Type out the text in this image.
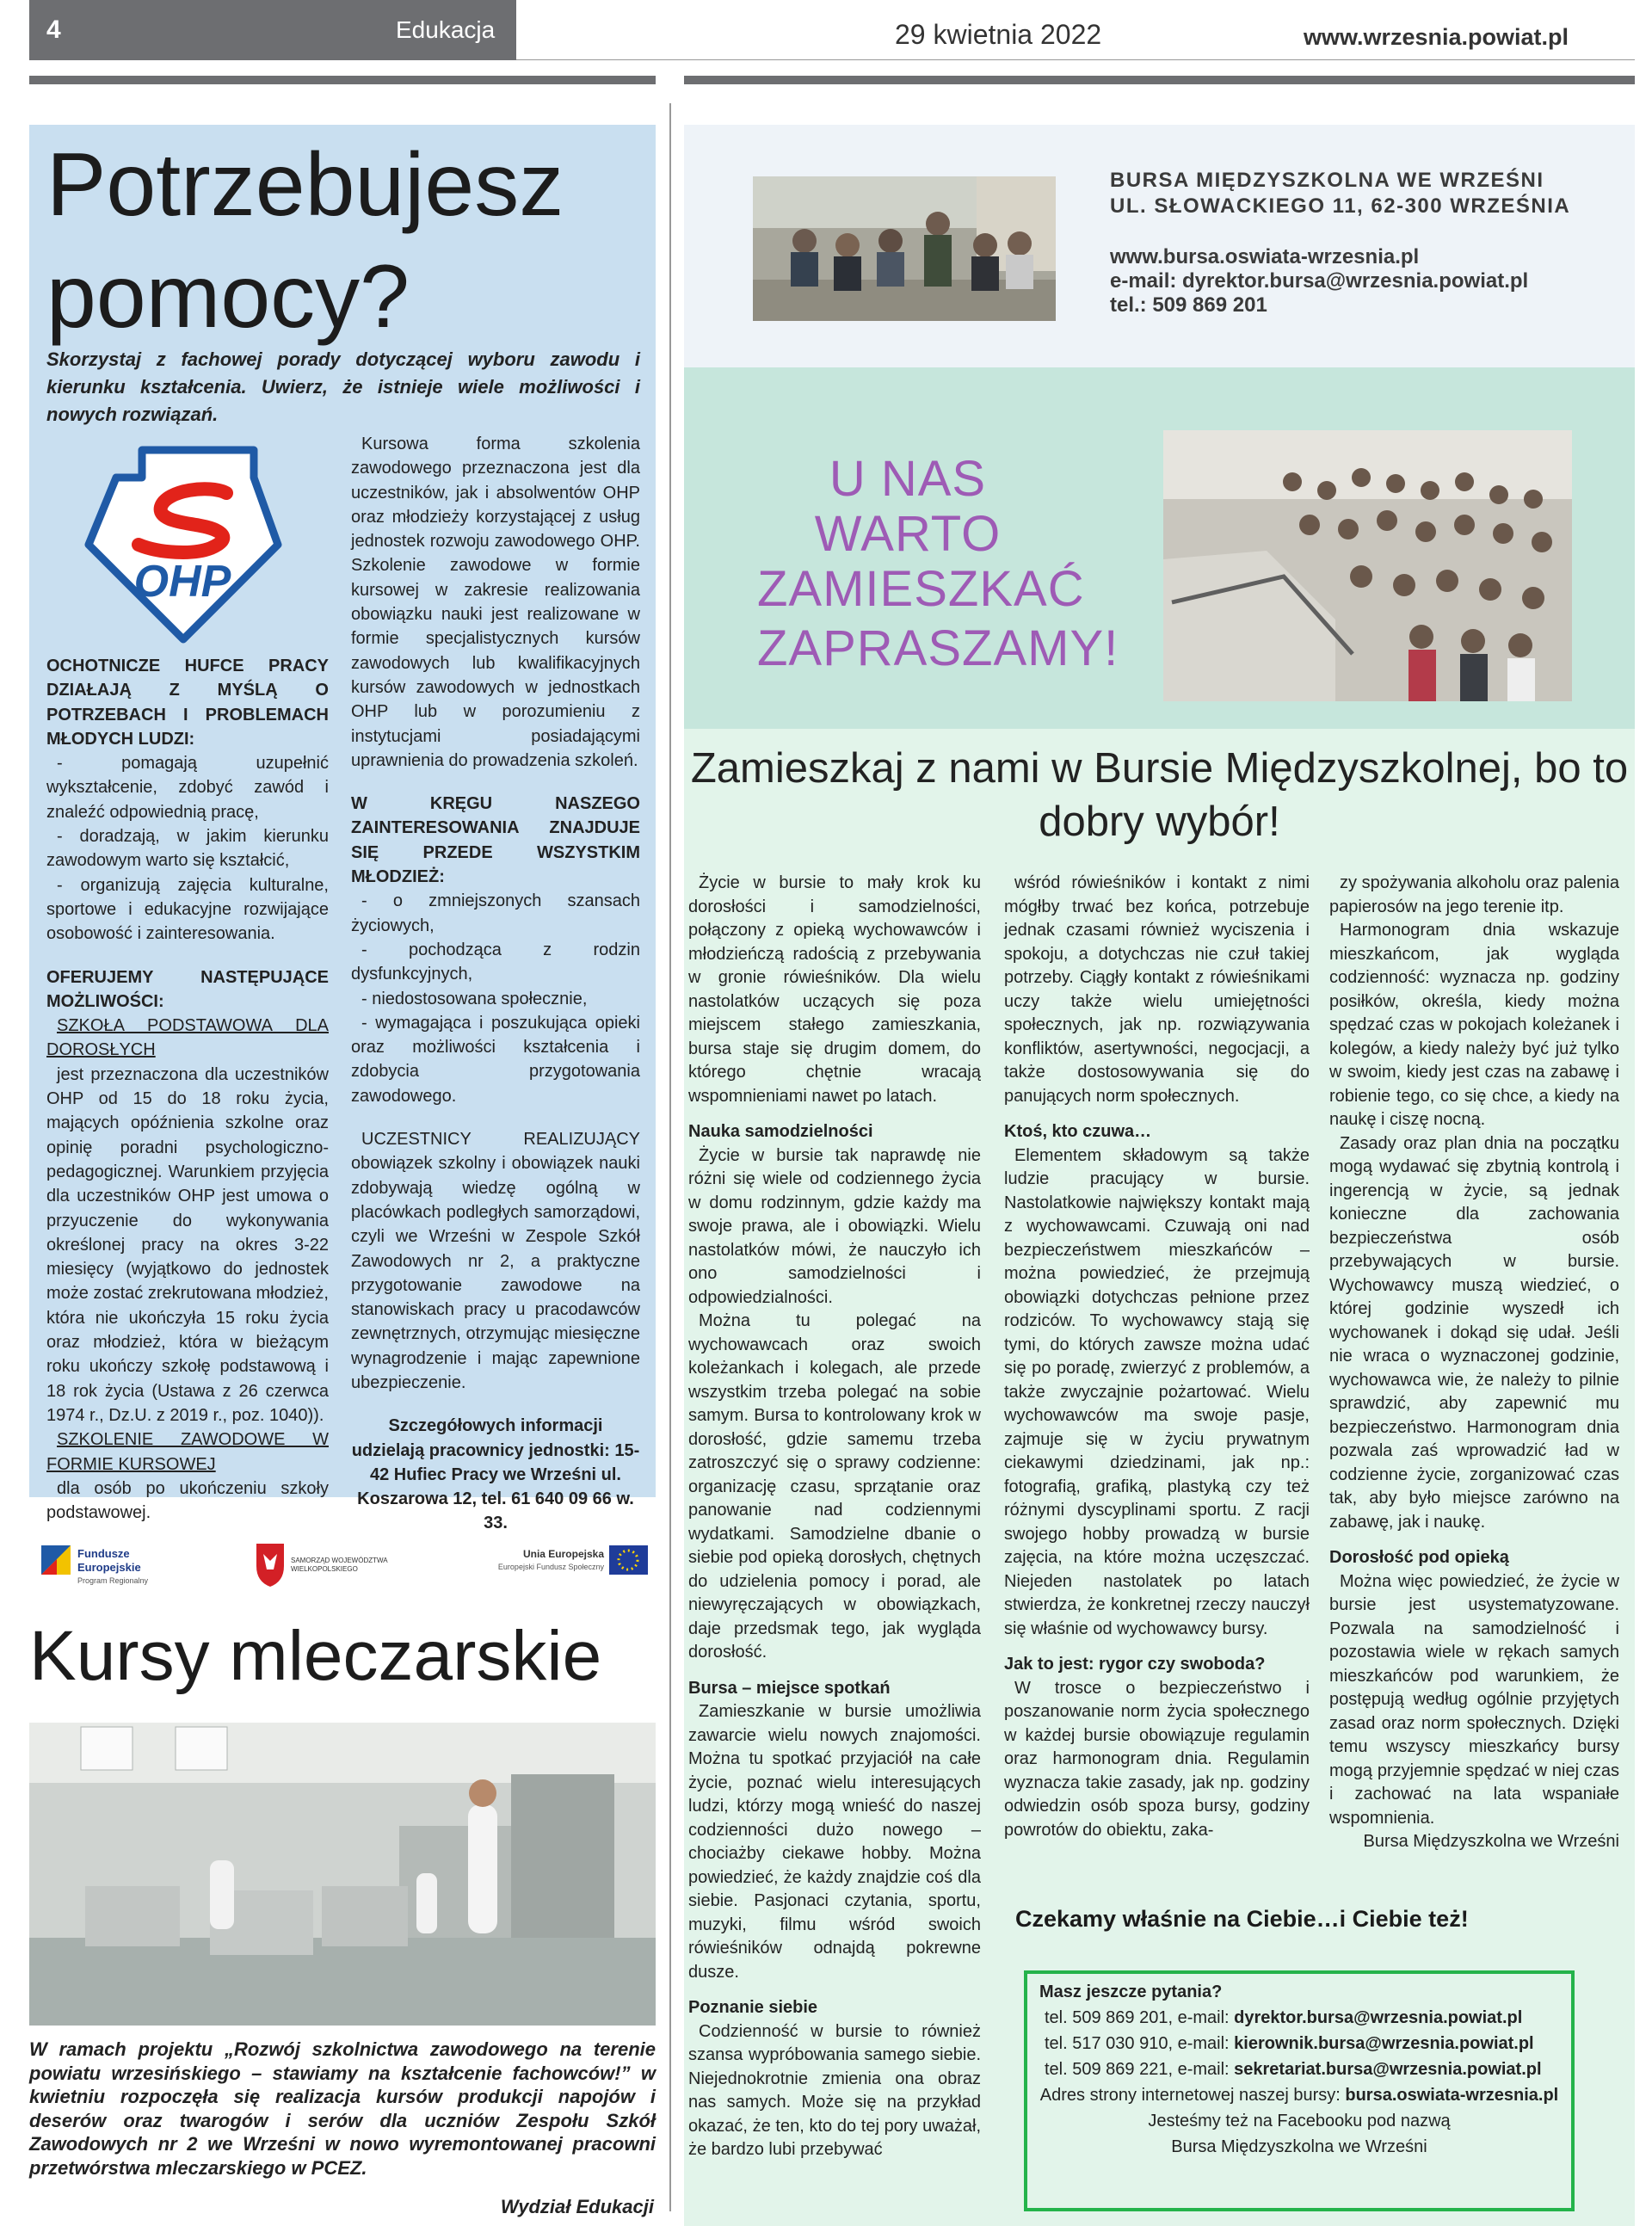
4	Edukacja	29 kwietnia 2022	www.wrzesnia.powiat.pl
Potrzebujesz
pomocy?
Skorzystaj z fachowej porady dotyczącej wyboru zawodu i kierunku kształcenia. Uwierz, że istnieje wiele możliwości i nowych rozwiązań.
OHP

OCHOTNICZE HUFCE PRACY DZIAŁAJĄ Z MYŚLĄ O POTRZEBACH I PROBLEMACH MŁODYCH LUDZI:

- pomagają uzupełnić wykształcenie, zdobyć zawód i znaleźć odpowiednią pracę,

- doradzają, w jakim kierunku zawodowym warto się kształcić,

- organizują zajęcia kulturalne, sportowe i edukacyjne rozwijające osobowość i zainteresowania.

OFERUJEMY NASTĘPUJĄCE MOŻLIWOŚCI:

SZKOŁA PODSTAWOWA DLA DOROSŁYCH

jest przeznaczona dla uczestników OHP od 15 do 18 roku życia, mających opóźnienia szkolne oraz opinię poradni psychologiczno-pedagogicznej. Warunkiem przyjęcia dla uczestników OHP jest umowa o przyuczenie do wykonywania określonej pracy na okres 3-22 miesięcy (wyjątkowo do jednostek może zostać zrekrutowana młodzież, która nie ukończyła 15 roku życia oraz młodzież, która w bieżącym roku ukończy szkołę podstawową i 18 rok życia (Ustawa z 26 czerwca 1974 r., Dz.U. z 2019 r., poz. 1040)).

SZKOLENIE ZAWODOWE W FORMIE KURSOWEJ

dla osób po ukończeniu szkoły podstawowej.

Kursowa forma szkolenia zawodowego przeznaczona jest dla uczestników, jak i absolwentów OHP oraz młodzieży korzystającej z usług jednostek rozwoju zawodowego OHP. Szkolenie zawodowe w formie kursowej w zakresie realizowania obowiązku nauki jest realizowane w formie specjalistycznych kursów zawodowych lub kwalifikacyjnych kursów zawodowych w jednostkach OHP lub w porozumieniu z instytucjami posiadającymi uprawnienia do prowadzenia szkoleń.

W KRĘGU NASZEGO ZAINTERESOWANIA ZNAJDUJE SIĘ PRZEDE WSZYSTKIM MŁODZIEŻ:

- o zmniejszonych szansach życiowych,

- pochodząca z rodzin dysfunkcyjnych,

- niedostosowana społecznie,

- wymagająca i poszukująca opieki oraz możliwości kształcenia i zdobycia przygotowania zawodowego.

UCZESTNICY REALIZUJĄCY obowiązek szkolny i obowiązek nauki zdobywają wiedzę ogólną w placówkach podległych samorządowi, czyli we Wrześni w Zespole Szkół Zawodowych nr 2, a praktyczne przygotowanie zawodowe na stanowiskach pracy u pracodawców zewnętrznych, otrzymując miesięczne wynagrodzenie i mając zapewnione ubezpieczenie.

Szczegółowych informacji udzielają pracownicy jednostki: 15-42 Hufiec Pracy we Wrześni ul. Koszarowa 12, tel. 61 640 09 66 w. 33.

Fundusze
Europejskie
Program Regionalny
SAMORZĄD WOJEWÓDZTWA
WIELKOPOLSKIEGO
Unia Europejska
Europejski Fundusz Społeczny
Kursy mleczarskie
W ramach projektu „Rozwój szkolnictwa zawodowego na terenie powiatu wrzesińskiego – stawiamy na kształcenie fachowców!” w kwietniu rozpoczęła się realizacja kursów produkcji napojów i deserów oraz twarogów i serów dla uczniów Zespołu Szkół Zawodowych nr 2 we Wrześni w nowo wyremontowanej pracowni przetwórstwa mleczarskiego w PCEZ.
Wydział Edukacji
BURSA MIĘDZYSZKOLNA WE WRZEŚNI
UL. SŁOWACKIEGO 11, 62-300 WRZEŚNIA
www.bursa.oswiata-wrzesnia.pl
e-mail: dyrektor.bursa@wrzesnia.powiat.pl
tel.: 509 869 201
U NAS WARTO ZAMIESZKAĆ
ZAPRASZAMY!
Zamieszkaj z nami w Bursie Międzyszkolnej, bo to dobry wybór!

Życie w bursie to mały krok ku dorosłości i samodzielności, połączony z opieką wychowawców i młodzieńczą radością z przebywania w gronie rówieśników. Dla wielu nastolatków uczących się poza miejscem stałego zamieszkania, bursa staje się drugim domem, do którego chętnie wracają wspomnieniami nawet po latach.

Nauka samodzielności

Życie w bursie tak naprawdę nie różni się wiele od codziennego życia w domu rodzinnym, gdzie każdy ma swoje prawa, ale i obowiązki. Wielu nastolatków mówi, że nauczyło ich ono samodzielności i odpowiedzialności.

Można tu polegać na wychowawcach oraz swoich koleżankach i kolegach, ale przede wszystkim trzeba polegać na sobie samym. Bursa to kontrolowany krok w dorosłość, gdzie samemu trzeba zatroszczyć się o sprawy codzienne: organizację czasu, sprzątanie oraz panowanie nad codziennymi wydatkami. Samodzielne dbanie o siebie pod opieką dorosłych, chętnych do udzielenia pomocy i porad, ale niewyręczających w obowiązkach, daje przedsmak tego, jak wygląda dorosłość.

Bursa – miejsce spotkań

Zamieszkanie w bursie umożliwia zawarcie wielu nowych znajomości. Można tu spotkać przyjaciół na całe życie, poznać wielu interesujących ludzi, którzy mogą wnieść do naszej codzienności dużo nowego – chociażby ciekawe hobby. Można powiedzieć, że każdy znajdzie coś dla siebie. Pasjonaci czytania, sportu, muzyki, filmu wśród swoich rówieśników odnajdą pokrewne dusze.

Poznanie siebie

Codzienność w bursie to również szansa wypróbowania samego siebie. Niejednokrotnie zmienia ona obraz nas samych. Może się na przykład okazać, że ten, kto do tej pory uważał, że bardzo lubi przebywać

wśród rówieśników i kontakt z nimi mógłby trwać bez końca, potrzebuje jednak czasami również wyciszenia i spokoju, a dotychczas nie czuł takiej potrzeby. Ciągły kontakt z rówieśnikami uczy także wielu umiejętności społecznych, jak np. rozwiązywania konfliktów, asertywności, negocjacji, a także dostosowywania się do panujących norm społecznych.

Ktoś, kto czuwa…

Elementem składowym są także ludzie pracujący w bursie. Nastolatkowie największy kontakt mają z wychowawcami. Czuwają oni nad bezpieczeństwem mieszkańców – można powiedzieć, że przejmują obowiązki dotychczas pełnione przez rodziców. To wychowawcy stają się tymi, do których zawsze można udać się po poradę, zwierzyć z problemów, a także zwyczajnie pożartować. Wielu wychowawców ma swoje pasje, zajmuje się w życiu prywatnym ciekawymi dziedzinami, jak np.: fotografią, grafiką, plastyką czy też różnymi dyscyplinami sportu. Z racji swojego hobby prowadzą w bursie zajęcia, na które można uczęszczać. Niejeden nastolatek po latach stwierdza, że konkretnej rzeczy nauczył się właśnie od wychowawcy bursy.

Jak to jest: rygor czy swoboda?

W trosce o bezpieczeństwo i poszanowanie norm życia społecznego w każdej bursie obowiązuje regulamin oraz harmonogram dnia. Regulamin wyznacza takie zasady, jak np. godziny odwiedzin osób spoza bursy, godziny powrotów do obiektu, zaka-

zy spożywania alkoholu oraz palenia papierosów na jego terenie itp.

Harmonogram dnia wskazuje mieszkańcom, jak wygląda codzienność: wyznacza np. godziny posiłków, określa, kiedy można spędzać czas w pokojach koleżanek i kolegów, a kiedy należy być już tylko w swoim, kiedy jest czas na zabawę i robienie tego, co się chce, a kiedy na naukę i ciszę nocną.

Zasady oraz plan dnia na początku mogą wydawać się zbytnią kontrolą i ingerencją w życie, są jednak konieczne dla zachowania bezpieczeństwa osób przebywających w bursie. Wychowawcy muszą wiedzieć, o której godzinie wyszedł ich wychowanek i dokąd się udał. Jeśli nie wraca o wyznaczonej godzinie, wychowawca wie, że należy to pilnie sprawdzić, aby zapewnić mu bezpieczeństwo. Harmonogram dnia pozwala zaś wprowadzić ład w codzienne życie, zorganizować czas tak, aby było miejsce zarówno na zabawę, jak i naukę.

Dorosłość pod opieką

Można więc powiedzieć, że życie w bursie jest usystematyzowane. Pozwala na samodzielność i pozostawia wiele w rękach samych mieszkańców pod warunkiem, że postępują według ogólnie przyjętych zasad oraz norm społecznych. Dzięki temu wszyscy mieszkańcy bursy mogą przyjemnie spędzać w niej czas i zachować na lata wspaniałe wspomnienia.

Bursa Międzyszkolna we Wrześni

Czekamy właśnie na Ciebie…i Ciebie też!
Masz jeszcze pytania?
tel. 509 869 201, e-mail: dyrektor.bursa@wrzesnia.powiat.pl
tel. 517 030 910, e-mail: kierownik.bursa@wrzesnia.powiat.pl
tel. 509 869 221, e-mail: sekretariat.bursa@wrzesnia.powiat.pl
Adres strony internetowej naszej bursy: bursa.oswiata-wrzesnia.pl
Jesteśmy też na Facebooku pod nazwą
Bursa Międzyszkolna we Wrześni
